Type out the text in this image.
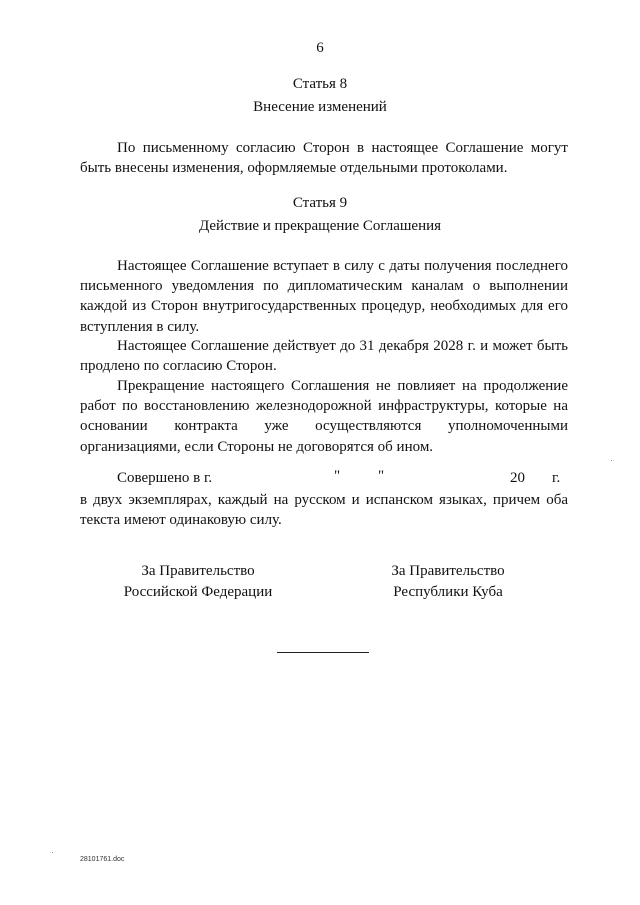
6
Статья 8
Внесение изменений

По письменному согласию Сторон в настоящее Соглашение могут быть внесены изменения, оформляемые отдельными протоколами.

Статья 9
Действие и прекращение Соглашения

Настоящее Соглашение вступает в силу с даты получения последнего письменного уведомления по дипломатическим каналам о выполнении каждой из Сторон внутригосударственных процедур, необходимых для его вступления в силу.

Настоящее Соглашение действует до 31 декабря 2028 г. и может быть продлено по согласию Сторон.

Прекращение настоящего Соглашения не повлияет на продолжение работ по восстановлению железнодорожной инфраструктуры, которые на основании контракта уже осуществляются уполномоченными организациями, если Стороны не договорятся об ином.

Совершено в г.	"	"	20 г.

в двух экземплярах, каждый на русском и испанском языках, причем оба текста имеют одинаковую силу.

За Правительство
Российской Федерации
За Правительство
Республики Куба
28101761.doc
